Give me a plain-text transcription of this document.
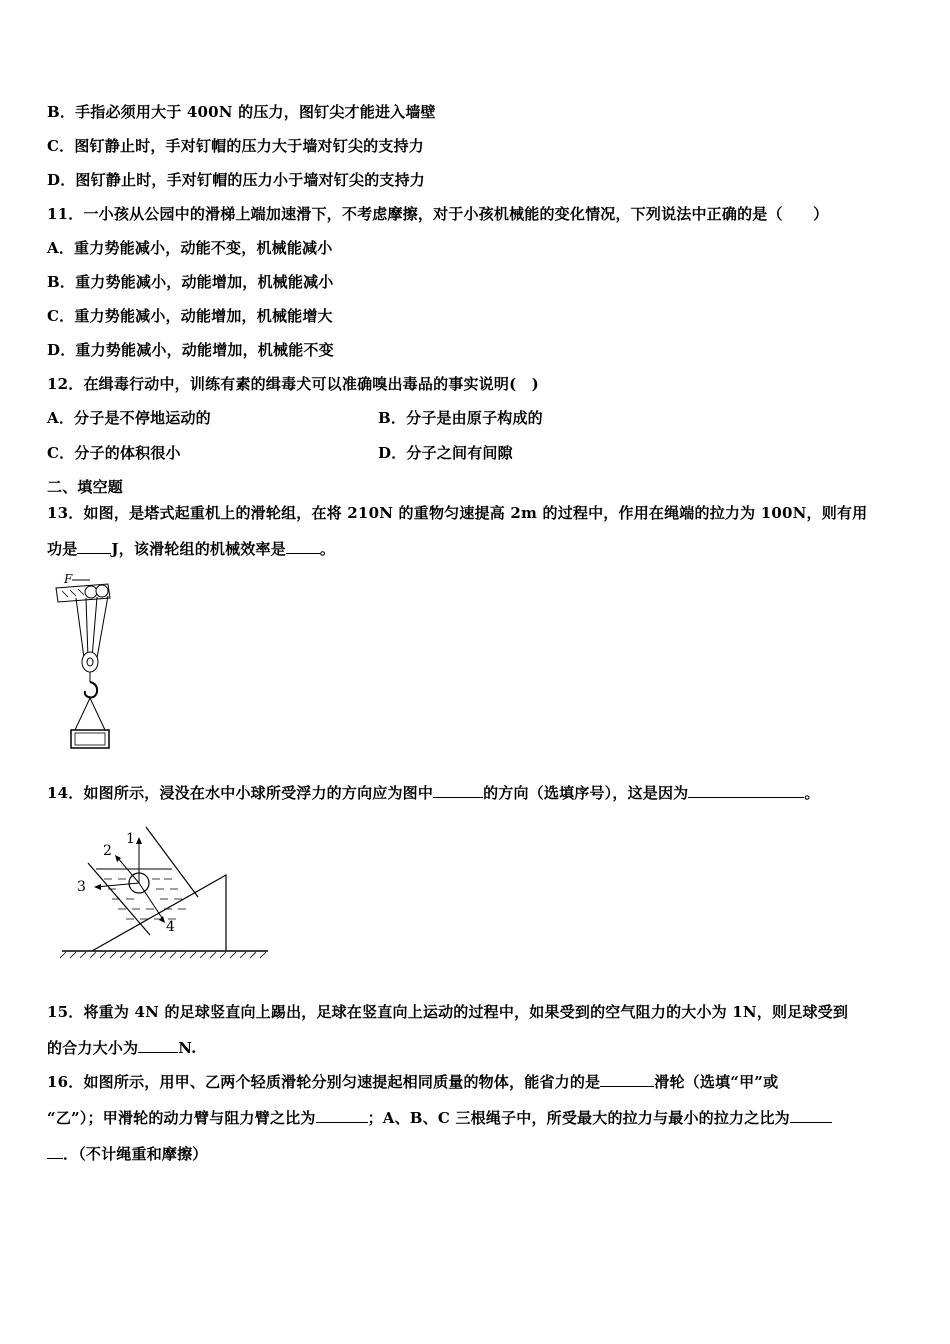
B．手指必须用大于 400N 的压力，图钉尖才能进入墙壁
C．图钉静止时，手对钉帽的压力大于墙对钉尖的支持力
D．图钉静止时，手对钉帽的压力小于墙对钉尖的支持力
11．一小孩从公园中的滑梯上端加速滑下，不考虑摩擦，对于小孩机械能的变化情况，下列说法中正确的是（　　）
A．重力势能减小，动能不变，机械能减小
B．重力势能减小，动能增加，机械能减小
C．重力势能减小，动能增加，机械能增大
D．重力势能减小，动能增加，机械能不变
12．在缉毒行动中，训练有素的缉毒犬可以准确嗅出毒品的事实说明(　)
A．分子是不停地运动的	B．分子是由原子构成的
C．分子的体积很小	D．分子之间有间隙
二、填空题
13．如图，是塔式起重机上的滑轮组，在将 210N 的重物匀速提高 2m 的过程中，作用在绳端的拉力为 100N，则有用
功是 J，该滑轮组的机械效率是 。
F
14．如图所示，浸没在水中小球所受浮力的方向应为图中	的方向（选填序号），这是因为	。
1
2
3
4
15．将重为 4N 的足球竖直向上踢出，足球在竖直向上运动的过程中，如果受到的空气阻力的大小为 1N，则足球受到
的合力大小为	N.
16．如图所示，用甲、乙两个轻质滑轮分别匀速提起相同质量的物体，能省力的是	滑轮（选填“甲”或
“乙”）；甲滑轮的动力臂与阻力臂之比为	；A、B、C 三根绳子中，所受最大的拉力与最小的拉力之比为
．（不计绳重和摩擦）
